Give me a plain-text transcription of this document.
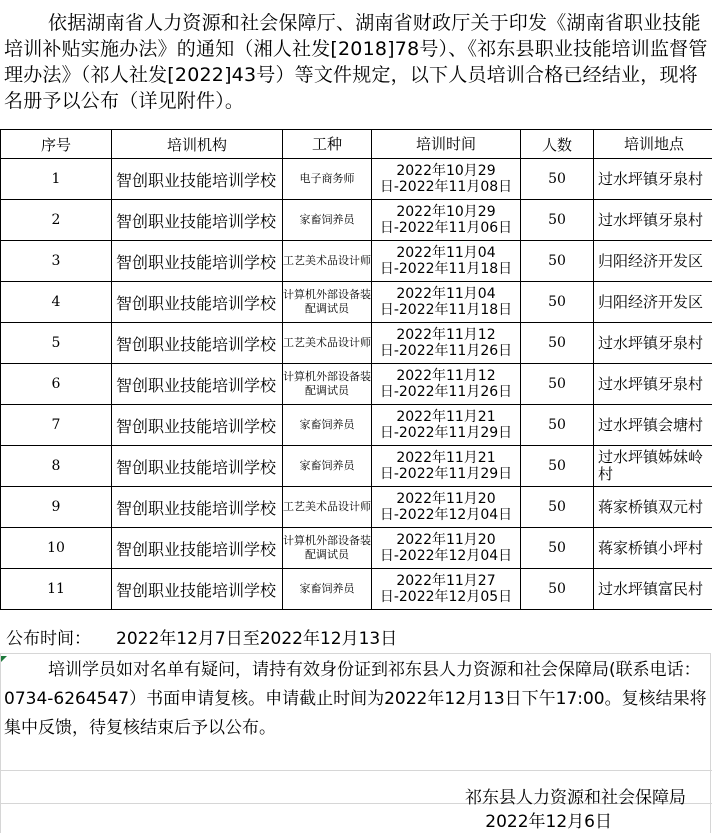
依据湖南省人力资源和社会保障厅、湖南省财政厅关于印发《湖南省职业技能培训补贴实施办法》的通知（湘人社发[2018]78号）、《祁东县职业技能培训监督管理办法》（祁人社发[2022]43号）等文件规定，以下人员培训合格已经结业，现将名册予以公布（详见附件）。
序号	培训机构	工种	培训时间	人数	培训地点
1	智创职业技能培训学校	电子商务师	2022年10月29日-2022年11月08日	50	过水坪镇牙泉村
2	智创职业技能培训学校	家畜饲养员	2022年10月29日-2022年11月06日	50	过水坪镇牙泉村
3	智创职业技能培训学校	工艺美术品设计师	2022年11月04日-2022年11月18日	50	归阳经济开发区
4	智创职业技能培训学校	计算机外部设备装配调试员	2022年11月04日-2022年11月18日	50	归阳经济开发区
5	智创职业技能培训学校	工艺美术品设计师	2022年11月12日-2022年11月26日	50	过水坪镇牙泉村
6	智创职业技能培训学校	计算机外部设备装配调试员	2022年11月12日-2022年11月26日	50	过水坪镇牙泉村
7	智创职业技能培训学校	家畜饲养员	2022年11月21日-2022年11月29日	50	过水坪镇会塘村
8	智创职业技能培训学校	家畜饲养员	2022年11月21日-2022年11月29日	50	过水坪镇姊妹岭村
9	智创职业技能培训学校	工艺美术品设计师	2022年11月20日-2022年12月04日	50	蒋家桥镇双元村
10	智创职业技能培训学校	计算机外部设备装配调试员	2022年11月20日-2022年12月04日	50	蒋家桥镇小坪村
11	智创职业技能培训学校	家畜饲养员	2022年11月27日-2022年12月05日	50	过水坪镇富民村
公布时间： 2022年12月7日至2022年12月13日
培训学员如对名单有疑问，请持有效身份证到祁东县人力资源和社会保障局(联系电话：0734-6264547）书面申请复核。申请截止时间为2022年12月13日下午17:00。复核结果将集中反馈，待复核结束后予以公布。
祁东县人力资源和社会保障局
2022年12月6日
